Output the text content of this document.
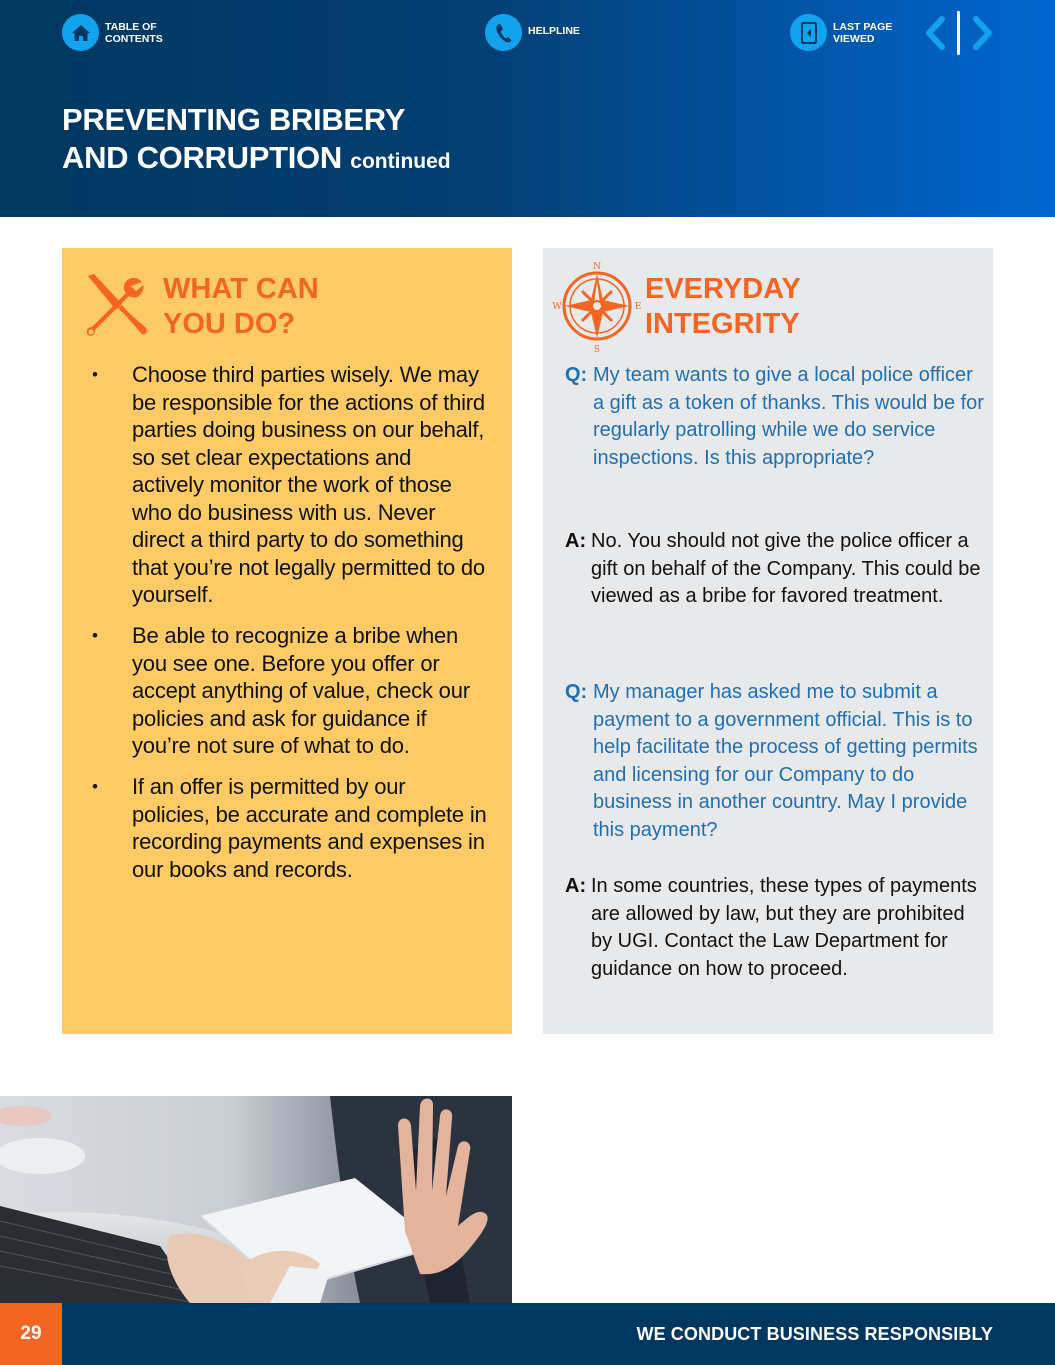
TABLE OF
CONTENTS
HELPLINE	LAST PAGE
VIEWED
PREVENTING BRIBERY
AND CORRUPTION continued
WHAT CAN
YOU DO?
• Choose third parties wisely. We may be responsible for the actions of third parties doing business on our behalf, so set clear expectations and actively monitor the work of those who do business with us. Never direct a third party to do something that you’re not legally permitted to do yourself.
• Be able to recognize a bribe when you see one. Before you offer or accept anything of value, check our policies and ask for guidance if you’re not sure of what to do.
• If an offer is permitted by our policies, be accurate and complete in recording payments and expenses in our books and records.
N
S
W	E
EVERYDAY
INTEGRITY
Q: My team wants to give a local police officer a gift as a token of thanks. This would be for regularly patrolling while we do service inspections. Is this appropriate?
A: No. You should not give the police officer a gift on behalf of the Company. This could be viewed as a bribe for favored treatment.
Q: My manager has asked me to submit a payment to a government official. This is to help facilitate the process of getting permits and licensing for our Company to do business in another country. May I provide this payment?
A: In some countries, these types of payments are allowed by law, but they are prohibited by UGI. Contact the Law Department for guidance on how to proceed.
29	WE CONDUCT BUSINESS RESPONSIBLY
